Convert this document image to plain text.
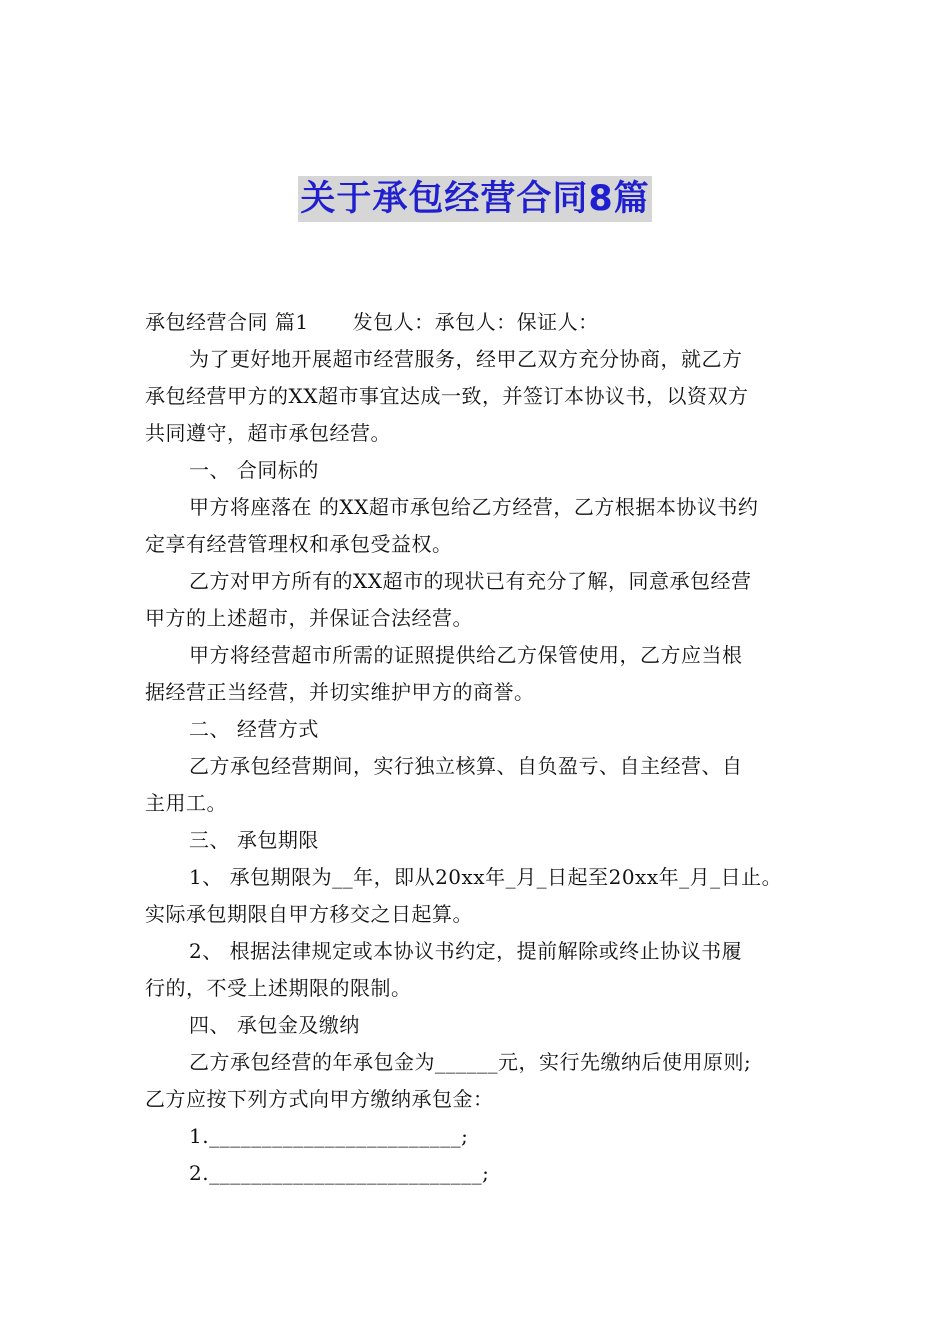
关于承包经营合同8篇
承包经营合同 篇1 发包人：承包人：保证人：
为了更好地开展超市经营服务，经甲乙双方充分协商，就乙方
承包经营甲方的XX超市事宜达成一致，并签订本协议书，以资双方
共同遵守，超市承包经营。
一、 合同标的
甲方将座落在 的XX超市承包给乙方经营，乙方根据本协议书约
定享有经营管理权和承包受益权。
乙方对甲方所有的XX超市的现状已有充分了解，同意承包经营
甲方的上述超市，并保证合法经营。
甲方将经营超市所需的证照提供给乙方保管使用，乙方应当根
据经营正当经营，并切实维护甲方的商誉。
二、 经营方式
乙方承包经营期间，实行独立核算、自负盈亏、自主经营、自
主用工。
三、 承包期限
1、 承包期限为__年，即从20xx年_月_日起至20xx年_月_日止。
实际承包期限自甲方移交之日起算。
2、 根据法律规定或本协议书约定，提前解除或终止协议书履
行的，不受上述期限的限制。
四、 承包金及缴纳
乙方承包经营的年承包金为______元，实行先缴纳后使用原则;
乙方应按下列方式向甲方缴纳承包金：
1.________________________;
2.__________________________;
